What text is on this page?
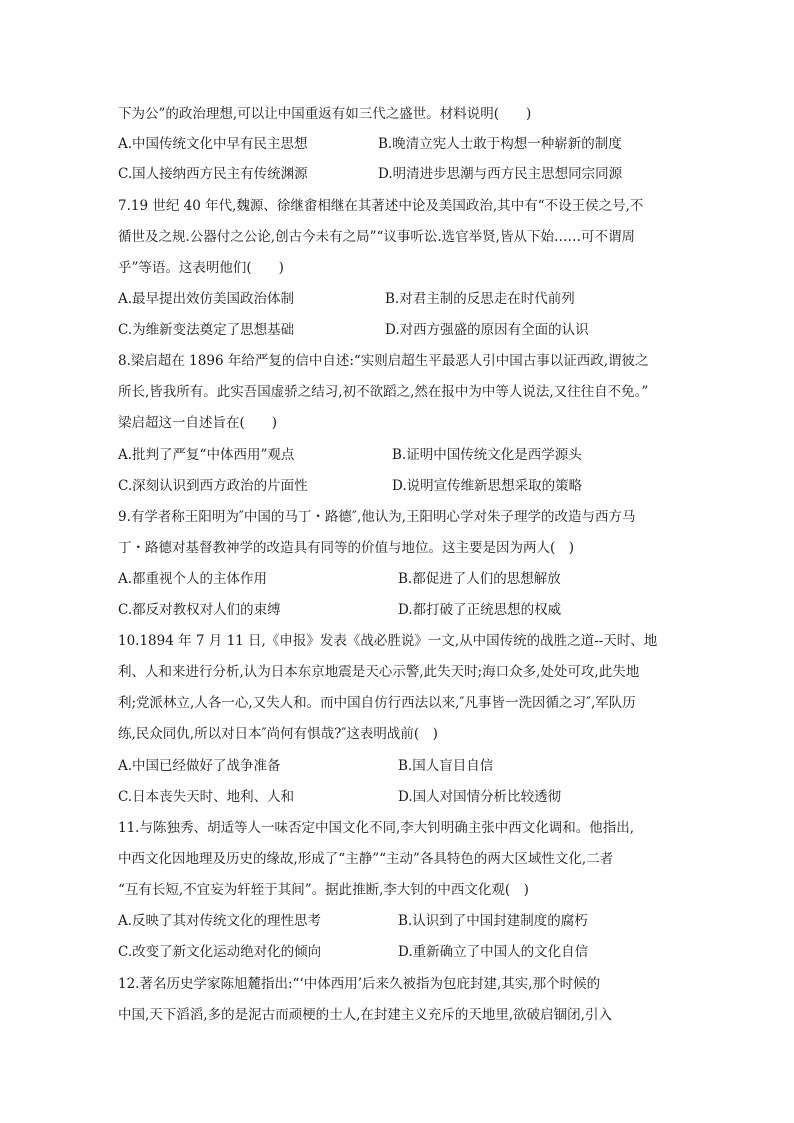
下为公”的政治理想,可以让中国重返有如三代之盛世。材料说明(　　)
A.中国传统文化中早有民主思想	B.晚清立宪人士敢于构想一种崭新的制度
C.国人接纳西方民主有传统渊源	D.明清进步思潮与西方民主思想同宗同源
7.19 世纪 40 年代,魏源、徐继畬相继在其著述中论及美国政治,其中有“不设王侯之号,不
循世及之规.公器付之公论,创古今未有之局”“议事听讼.选官举贤,皆从下始……可不谓周
乎”等语。这表明他们(　　)
A.最早提出效仿美国政治体制	B.对君主制的反思走在时代前列
C.为维新变法奠定了思想基础	D.对西方强盛的原因有全面的认识
8.梁启超在 1896 年给严复的信中自述:“实则启超生平最恶人引中国古事以证西政,谓彼之
所长,皆我所有。此实吾国虚骄之结习,初不欲蹈之,然在报中为中等人说法,又往往自不免。”
梁启超这一自述旨在(　　)
A.批判了严复“中体西用”观点	B.证明中国传统文化是西学源头
C.深刻认识到西方政治的片面性	D.说明宣传维新思想采取的策略
9.有学者称王阳明为″中国的马丁・路德″,他认为,王阳明心学对朱子理学的改造与西方马
丁・路德对基督教神学的改造具有同等的价值与地位。这主要是因为两人(　)
A.都重视个人的主体作用	B.都促进了人们的思想解放
C.都反对教权对人们的束缚	D.都打破了正统思想的权威
10.1894 年 7 月 11 日,《申报》发表《战必胜说》一文,从中国传统的战胜之道--天时、地
利、人和来进行分析,认为日本东京地震是天心示警,此失天时;海口众多,处处可攻,此失地
利;党派林立,人各一心,又失人和。而中国自仿行西法以来,″凡事皆一洗因循之习″,军队历
练,民众同仇,所以对日本″尚何有惧哉?″这表明战前(　)
A.中国已经做好了战争准备	B.国人盲目自信
C.日本丧失天时、地利、人和	D.国人对国情分析比较透彻
11.与陈独秀、胡适等人一味否定中国文化不同,李大钊明确主张中西文化调和。他指出,
中西文化因地理及历史的缘故,形成了“主静”“主动”各具特色的两大区域性文化,二者
“互有长短,不宜妄为轩轾于其间”。据此推断,李大钊的中西文化观(　)
A.反映了其对传统文化的理性思考	B.认识到了中国封建制度的腐朽
C.改变了新文化运动绝对化的倾向	D.重新确立了中国人的文化自信
12.著名历史学家陈旭麓指出:“‘中体西用’后来久被指为包庇封建,其实,那个时候的
中国,天下滔滔,多的是泥古而顽梗的士人,在封建主义充斥的天地里,欲破启锢闭,引入
